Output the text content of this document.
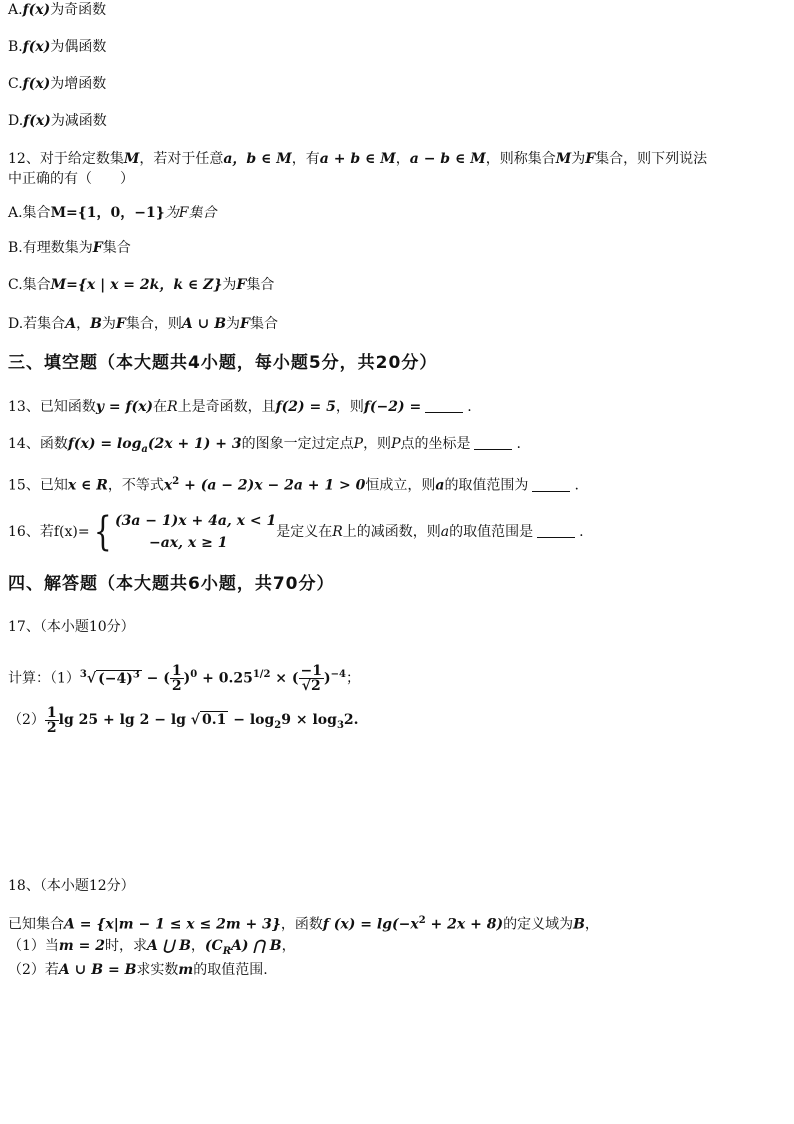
A.f(x)为奇函数
B.f(x)为偶函数
C.f(x)为增函数
D.f(x)为减函数
12、对于给定数集M，若对于任意a，b ∈ M，有a + b ∈ M，a − b ∈ M，则称集合M为F集合，则下列说法
中正确的有（　　）
A.集合M={1，0，−1}为F集合
B.有理数集为F集合
C.集合M={x | x = 2k，k ∈ Z}为F集合
D.若集合A，B为F集合，则A ∪ B为F集合
三、填空题（本大题共4小题，每小题5分，共20分）
13、已知函数y = f(x)在R上是奇函数，且f(2) = 5，则f(−2) =	.
14、函数$f(x) = \log_a(2x + 1) + 3$的图象一定过定点P，则P点的坐标是	.
15、已知x ∈ R，不等式$x^2 + (a - 2)x - 2a + 1 > 0$恒成立，则a的取值范围为	.
16、若f(x)={ (3a − 1)x + 4a, x < 1
−ax, x ≥ 1
是定义在R上的减函数，则a的取值范围是	.
四、解答题（本大题共6小题，共70分）
17、（本小题10分）
计算：$(1)^3√$ $(-4)^3$ − ( $\frac{1}{2} )^0 + 0.25^{1/2}$ × ( $\frac{-1}{√2} )^{-4}$；
$(2) \frac{1}{2}$ lg 25 + lg 2 − lg √ $0.1 - \log_29 \times \log_32$.
18、（本小题12分）
已知集合A = {x|m − 1 ≤ x ≤ 2m + 3}，函数f $(x) = \lg(-x^2 + 2x + 8)$的定义域为B，
（1）当m = 2时，求A ⋃ B，$(C_RA)$ ⋂ B，
（2）若A ∪ B = B求实数m的取值范围.
